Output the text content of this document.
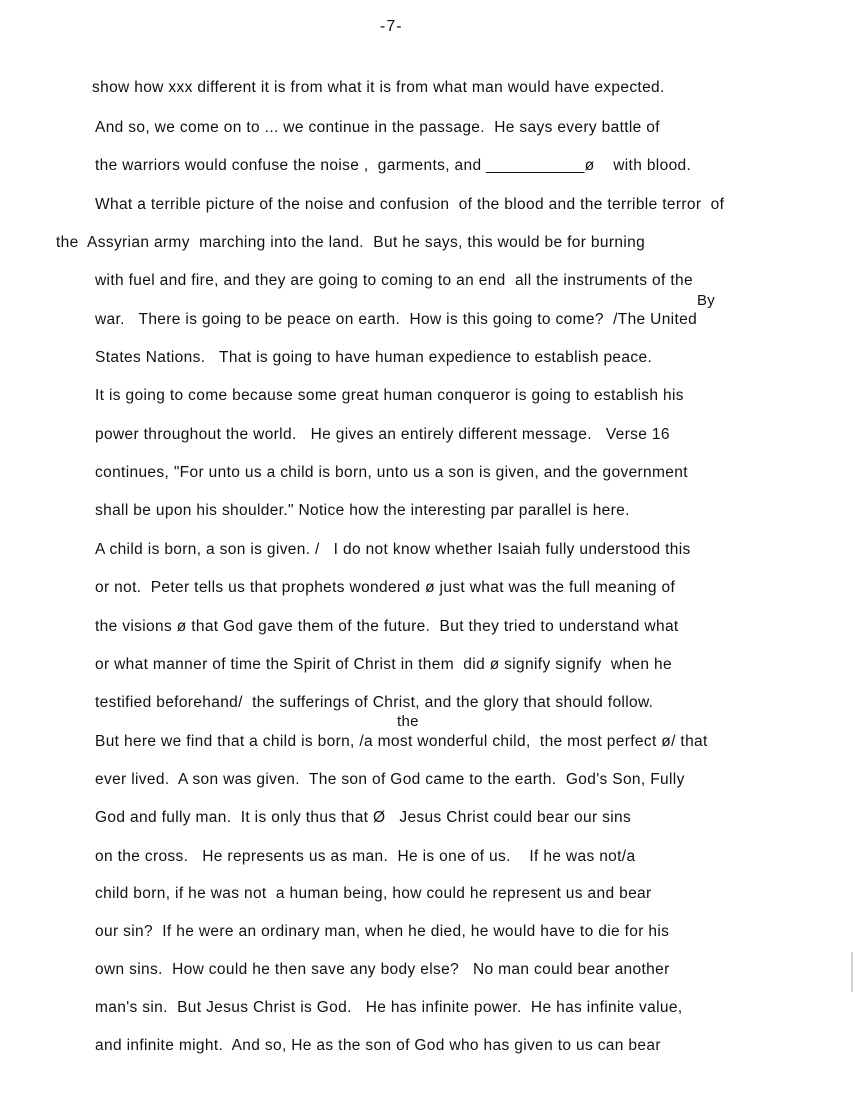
-7-
By
the
show how xxx different it is from what it is from what man would have expected.
And so, we come on to ... we continue in the passage.  He says every battle of
the warriors would confuse the noise ,  garments, and ___________ø    with blood.
What a terrible picture of the noise and confusion  of the blood and the terrible terror  of
the  Assyrian army  marching into the land.  But he says, this would be for burning
with fuel and fire, and they are going to coming to an end  all the instruments of the
war.   There is going to be peace on earth.  How is this going to come?  /The United
States Nations.   That is going to have human expedience to establish peace.
It is going to come because some great human conqueror is going to establish his
power throughout the world.   He gives an entirely different message.   Verse 16
continues, "For unto us a child is born, unto us a son is given, and the government
shall be upon his shoulder." Notice how the interesting par parallel is here.
A child is born, a son is given. /   I do not know whether Isaiah fully understood this
or not.  Peter tells us that prophets wondered ø just what was the full meaning of
the visions ø that God gave them of the future.  But they tried to understand what
or what manner of time the Spirit of Christ in them  did ø signify signify  when he
testified beforehand/  the sufferings of Christ, and the glory that should follow.
But here we find that a child is born, /a most wonderful child,  the most perfect ø/ that
ever lived.  A son was given.  The son of God came to the earth.  God's Son, Fully
God and fully man.  It is only thus that Ø   Jesus Christ could bear our sins
on the cross.   He represents us as man.  He is one of us.    If he was not/a
child born, if he was not  a human being, how could he represent us and bear
our sin?  If he were an ordinary man, when he died, he would have to die for his
own sins.  How could he then save any body else?   No man could bear another
man's sin.  But Jesus Christ is God.   He has infinite power.  He has infinite value,
and infinite might.  And so, He as the son of God who has given to us can bear
